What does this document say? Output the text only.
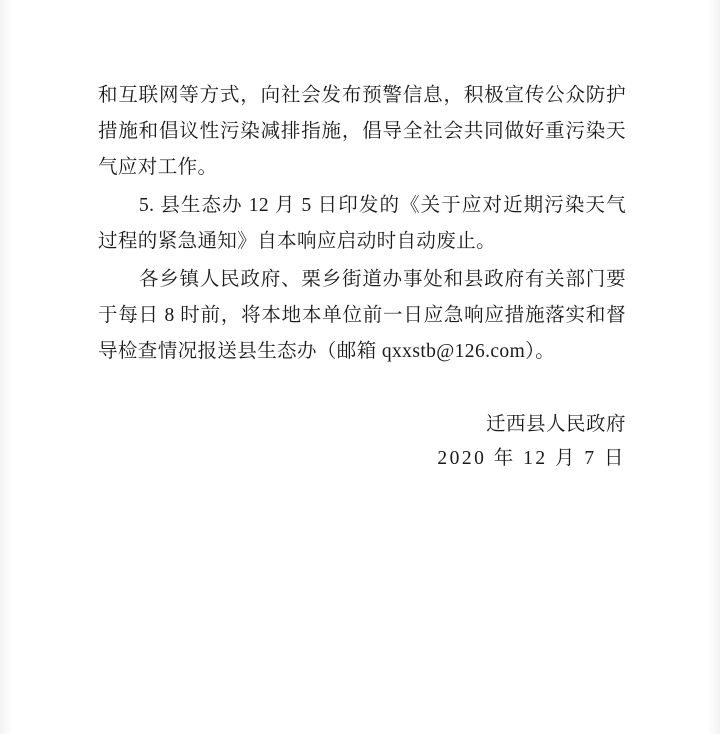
和互联网等方式，向社会发布预警信息，积极宣传公众防护措施和倡议性污染减排指施，倡导全社会共同做好重污染天气应对工作。

5. 县生态办 12 月 5 日印发的《关于应对近期污染天气过程的紧急通知》自本响应启动时自动废止。

各乡镇人民政府、栗乡街道办事处和县政府有关部门要于每日 8 时前，将本地本单位前一日应急响应措施落实和督导检查情况报送县生态办（邮箱 qxxstb@126.com）。

迁西县人民政府
2020 年 12 月 7 日
